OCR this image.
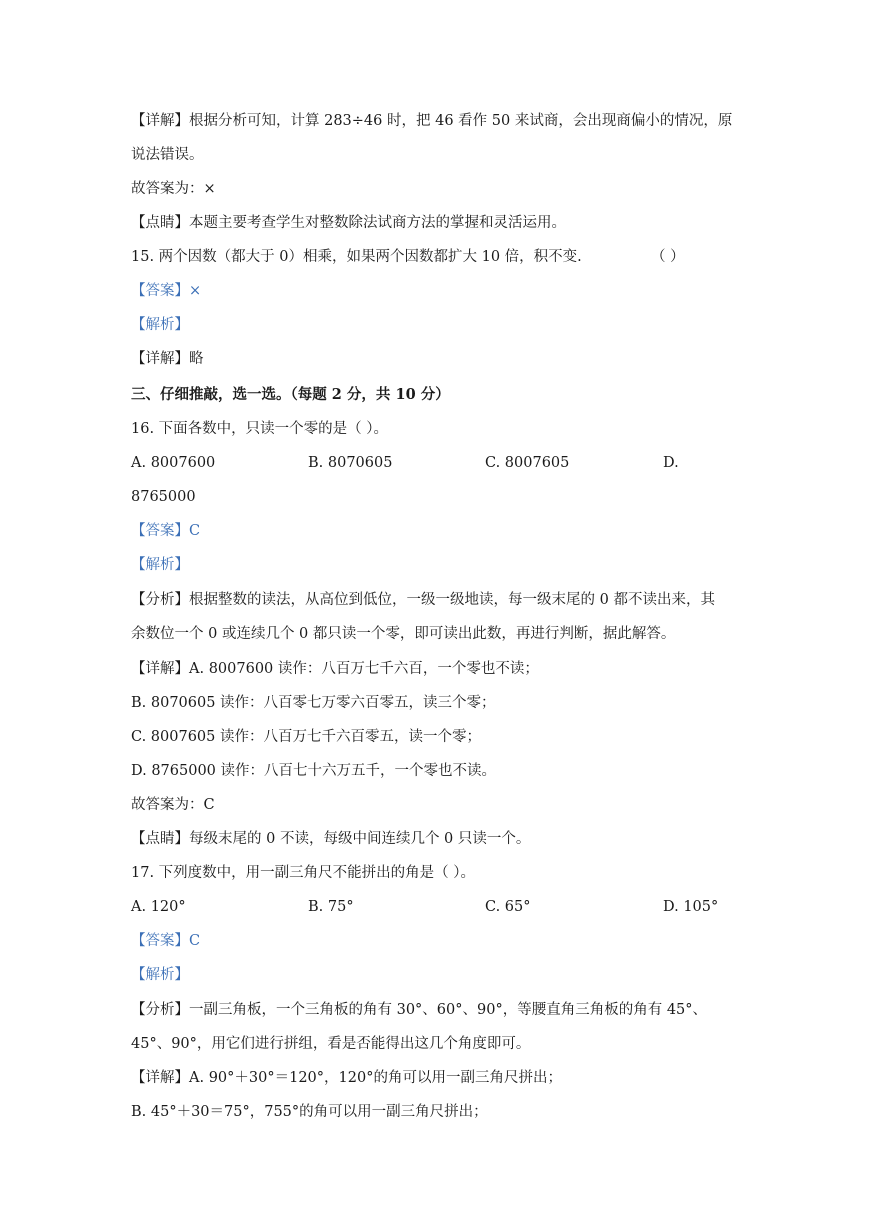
【详解】根据分析可知，计算 283÷46 时，把 46 看作 50 来试商，会出现商偏小的情况，原
说法错误。
故答案为：×
【点睛】本题主要考查学生对整数除法试商方法的掌握和灵活运用。
15. 两个因数（都大于 0）相乘，如果两个因数都扩大 10 倍，积不变.	（ ）
【答案】×
【解析】
【详解】略
三、仔细推敲，选一选。（每题 2 分，共 10 分）
16. 下面各数中，只读一个零的是（ ）。
A. 8007600	B. 8070605	C. 8007605	D.
8765000
【答案】C
【解析】
【分析】根据整数的读法，从高位到低位，一级一级地读，每一级末尾的 0 都不读出来，其
余数位一个 0 或连续几个 0 都只读一个零，即可读出此数，再进行判断，据此解答。
【详解】A. 8007600 读作：八百万七千六百，一个零也不读；
B. 8070605 读作：八百零七万零六百零五，读三个零；
C. 8007605 读作：八百万七千六百零五，读一个零；
D. 8765000 读作：八百七十六万五千，一个零也不读。
故答案为：C
【点睛】每级末尾的 0 不读，每级中间连续几个 0 只读一个。
17. 下列度数中，用一副三角尺不能拼出的角是（ ）。
A. 120°	B. 75°	C. 65°	D. 105°
【答案】C
【解析】
【分析】一副三角板，一个三角板的角有 30°、60°、90°，等腰直角三角板的角有 45°、
45°、90°，用它们进行拼组，看是否能得出这几个角度即可。
【详解】A. 90°＋30°＝120°，120°的角可以用一副三角尺拼出；
B. 45°＋30＝75°，755°的角可以用一副三角尺拼出；
